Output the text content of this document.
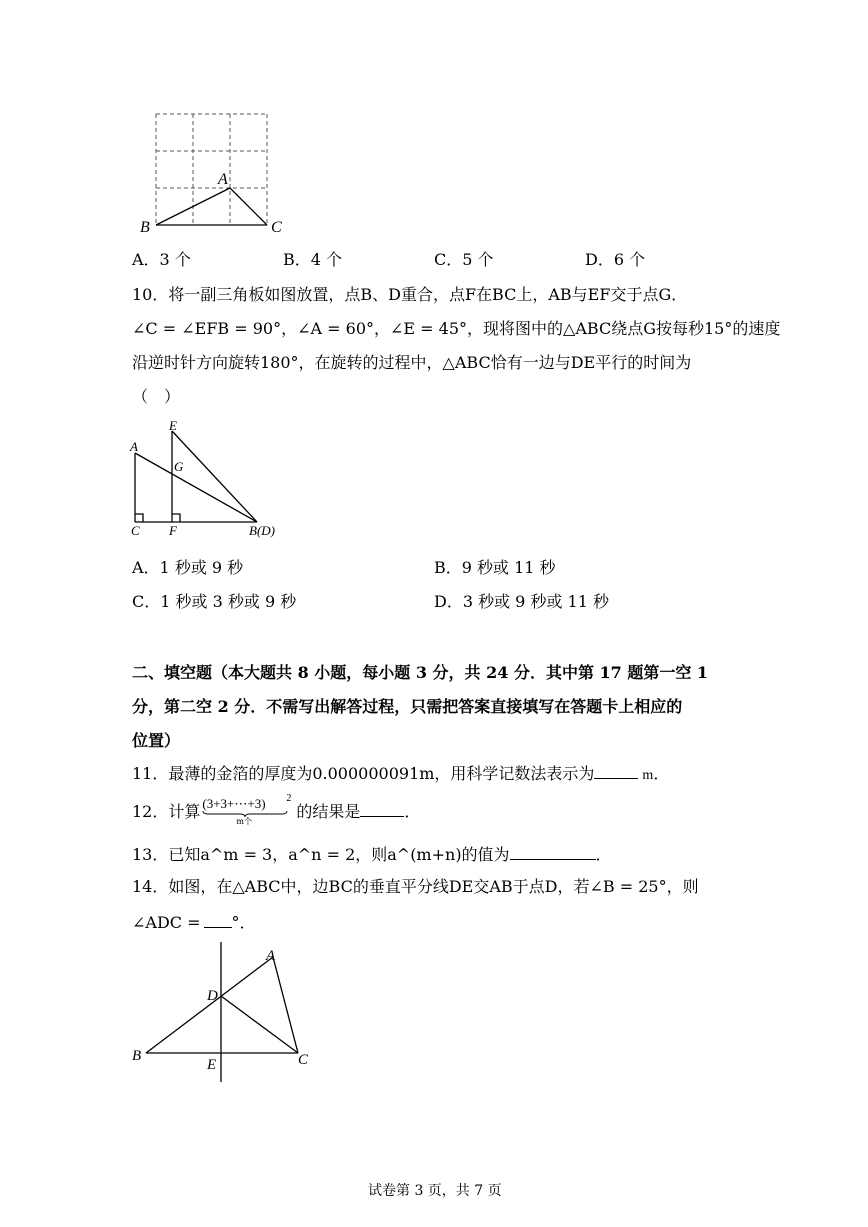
A
B	C
A．3 个	B．4 个	C．5 个	D．6 个
10．将一副三角板如图放置，点B、D重合，点F在BC上，AB与EF交于点G．
∠C = ∠EFB = 90°，∠A = 60°，∠E = 45°，现将图中的△ABC绕点G按每秒15°的速度
沿逆时针方向旋转180°，在旋转的过程中，△ABC恰有一边与DE平行的时间为
（　）
A
E
G
C F	B(D)
A．1 秒或 9 秒	B．9 秒或 11 秒
C．1 秒或 3 秒或 9 秒	D．3 秒或 9 秒或 11 秒
二、填空题（本大题共 8 小题，每小题 3 分，共 24 分．其中第 17 题第一空 1
分，第二空 2 分．不需写出解答过程，只需把答案直接填写在答题卡上相应的
位置）
11．最薄的金箔的厚度为0.000000091m，用科学记数法表示为	m．
12．计算 (3+3+⋯+3) 2
m个
的结果是	．
13．已知a^m = 3，a^n = 2，则a^(m+n)的值为	．
14．如图，在△ABC中，边BC的垂直平分线DE交AB于点D，若∠B = 25°，则
∠ADC = °．
A
D
B
E	C
试卷第 3 页，共 7 页
